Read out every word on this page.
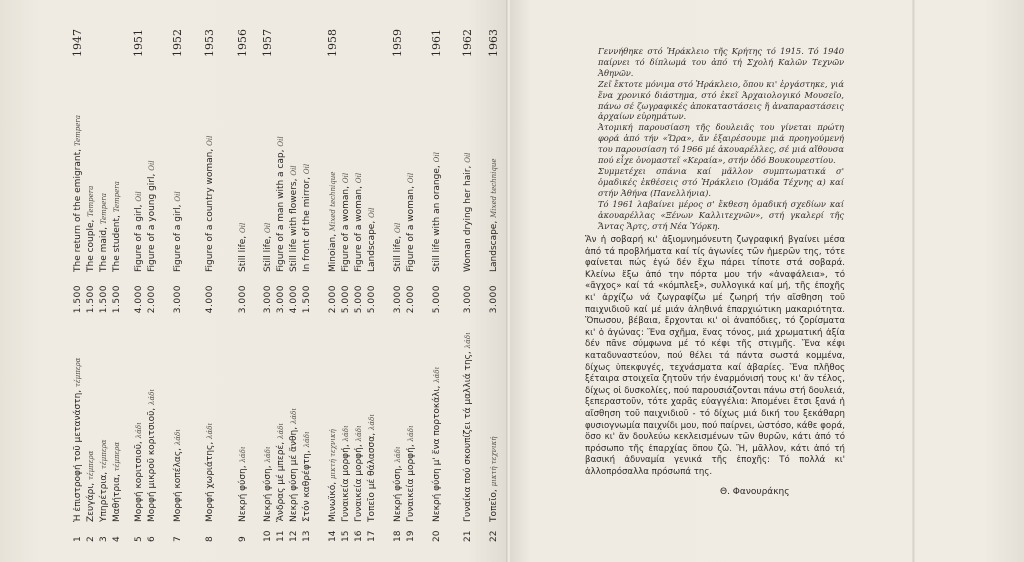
1
Ἡ ἐπιστροφή τοῦ μετανάστη, τέμπερα
1.500
The return of the emigrant, Tempera
1947
2
Ζευγάρι, τέμπερα
1.500
The couple, Tempera
3
Υπηρέτρια, τέμπερα
1.500
The maid, Tempera
4
Μαθήτρια, τέμπερα
1.500
The student, Tempera
5
Μορφή κοριτσιοῦ, λάδι
4.000
Figure of a girl, Oil
1951
6
Μορφή μικροῦ κοριτσιοῦ, λάδι
2.000
Figure of a young girl, Oil
7
Μορφή κοπέλας, λάδι
3.000
Figure of a girl, Oil
1952
8
Μορφή χωριάτης, λάδι
4.000
Figure of a country woman, Oil
1953
9
Νεκρή φύση, λάδι
3.000
Still life, Oil
1956
10
Νεκρή φύση, λάδι
3.000
Still life, Oil
1957
11
Ἄνδρας μέ μπερέ, λάδι
3.000
Figure of a man with a cap, Oil
12
Νεκρή φύση μέ ἄνθη, λάδι
4.000
Still life with flowers, Oil
13
Στόν καθρέφτη, λάδι
1.500
In front of the mirror, Oil
14
Μινωϊκό, μικτή τεχνική
2.000
Minoian, Mixed technique
1958
15
Γυναικεία μορφή, λάδι
5.000
Figure of a woman, Oil
16
Γυναικεία μορφή, λάδι
5.000
Figure of a woman, Oil
17
Τοπεῖο μέ θάλασσα, λάδι
5.000
Landscape, Oil
18
Νεκρή φύση, λάδι
3.000
Still life, Oil
1959
19
Γυναικεία μορφή, λάδι
2.000
Figure of a woman, Oil
20
Νεκρή φύση μ' ἕνα πορτοκάλι, λάδι
5.000
Still life with an orange, Oil
1961
21
Γυναίκα πού σκουπίζει τά μαλλιά της, λάδι
3.000
Woman drying her hair, Oil
1962
22
Τοπεῖο, μικτή τεχνική
3.000
Landscape, Mixed technique
1963	Γεννήθηκε στό Ἡράκλειο τῆς Κρήτης τό 1915. Τό 1940 παίρνει τό δίπλωμά του ἀπό τή Σχολή Καλῶν Τεχνῶν Ἀθηνῶν.

Ζεῖ ἔκτοτε μόνιμα στό Ἡράκλειο, ὅπου κι' ἐργάστηκε, γιά ἕνα χρονικό διάστημα, στό ἐκεῖ Ἀρχαιολογικό Μουσεῖο, πάνω σέ ζωγραφικές ἀποκαταστάσεις ἤ ἀναπαραστάσεις ἀρχαίων εὑρημάτων.

Ἀτομική παρουσίαση τῆς δουλειᾶς του γίνεται πρώτη φορά ἀπό τήν «Ὥρα», ἄν ἐξαιρέσουμε μιά προηγούμενή του παρουσίαση τό 1966 μέ ἀκουαρέλλες, σέ μιά αἴθουσα πού εἶχε ὀνομαστεῖ «Κεραία», στήν ὁδό Βουκουρεστίου.

Συμμετέχει σπάνια καί μᾶλλον συμπτωματικά σ' ὁμαδικές ἐκθέσεις στό Ἡράκλειο (Ὁμάδα Τέχνης α) καί στήν Ἀθήνα (Πανελλήνια).

Τό 1961 λαβαίνει μέρος σ' ἔκθεση ὁμαδική σχεδίων καί ἀκουαρέλλας «Ξένων Καλλιτεχνῶν», στή γκαλερί τῆς Ἄντας Ἄρτς, στή Νέα Ὑόρκη.

Ἄν ἡ σοβαρή κι' ἀξιομνημόνευτη ζωγραφική βγαίνει μέσα ἀπό τά προβλήματα καί τίς ἀγωνίες τῶν ἡμερῶν της, τότε φαίνεται πώς ἐγώ δέν ἔχω πάρει τίποτε στά σοβαρά. Κλείνω ἔξω ἀπό την πόρτα μου τήν «ἀναφάλεια», τό «ἄγχος» καί τά «κόμπλεξ», συλλογικά καί μή, τῆς ἐποχῆς κι' ἀρχίζω νά ζωγραφίζω μέ ζωηρή τήν αἴσθηση τοῦ παιχνιδιοῦ καί μέ μιάν ἀληθινά ἐπαρχιώτικη μακαριότητα. Ὅπωσου, βέβαια, ἔρχονται κι' οἱ ἀναπόδιες, τό ζορίσματα κι' ὁ ἀγώνας: Ἕνα σχῆμα, ἕνας τόνος, μιά χρωματική ἀξία δέν πᾶνε σύμφωνα μέ τό κέφι τῆς στιγμῆς. Ἕνα κέφι καταδυναστεύον, πού θέλει τά πάντα σωστά κομμένα, δίχως ὑπεκφυγές, τεχνάσματα καί ἀβαρίες. Ἕνα πλῆθος ξέταιρα στοιχεῖα ζητοῦν τήν ἐναρμόνισή τους κι' ἄν τέλος, δίχως οἱ δυσκολίες, πού παρουσιάζονται πάνω στή δουλειά, ξεπεραστοῦν, τότε χαρᾶς εὐαγγέλια: Ἀπομένει ἔτσι ξανά ἡ αἴσθηση τοῦ παιχνιδιοῦ - τό δίχως μιά δική του ξεκάθαρη φυσιογνωμία παιχνίδι μου, πού παίρνει, ὡστόσο, κάθε φορά, ὅσο κι' ἄν δουλεύω κεκλεισμένων τῶν θυρῶν, κάτι ἀπό τό πρόσωπο τῆς ἐπαρχίας ὅπου ζῶ. Ἤ, μᾶλλον, κάτι ἀπό τή βασική ἀδυναμία γενικά τῆς ἐποχῆς: Τό πολλά κι' ἀλλοπρόσαλλα πρόσωπά της.
Θ. Φανουράκης
